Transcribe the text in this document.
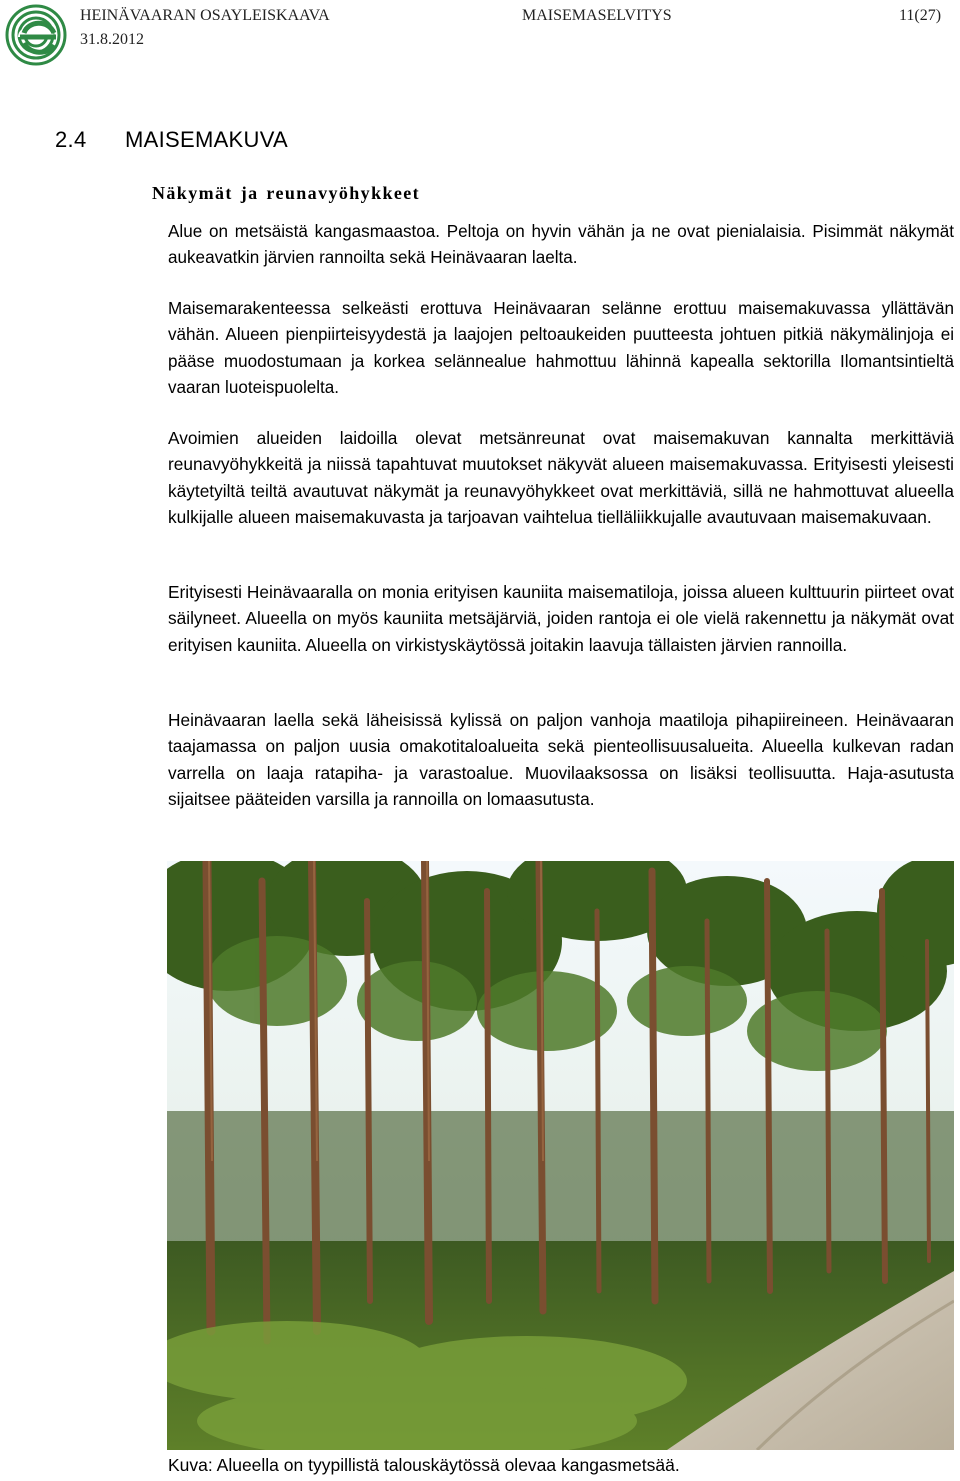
HEINÄVAARAN OSAYLEISKAAVA
31.8.2012
MAISEMASELVITYS	11(27)
2.4 MAISEMAKUVA
Näkymät ja reunavyöhykkeet

Alue on metsäistä kangasmaastoa. Peltoja on hyvin vähän ja ne ovat pienialaisia. Pisimmät näkymät aukeavatkin järvien rannoilta sekä Heinävaaran laelta.

Maisemarakenteessa selkeästi erottuva Heinävaaran selänne erottuu maisemakuvassa yllättävän vähän. Alueen pienpiirteisyydestä ja laajojen peltoaukeiden puutteesta johtuen pitkiä näkymälinjoja ei pääse muodostumaan ja korkea selännealue hahmottuu lähinnä kapealla sektorilla Ilomantsintieltä vaaran luoteispuolelta.

Avoimien alueiden laidoilla olevat metsänreunat ovat maisemakuvan kannalta merkittäviä reunavyöhykkeitä ja niissä tapahtuvat muutokset näkyvät alueen maisemakuvassa. Erityisesti yleisesti käytetyiltä teiltä avautuvat näkymät ja reunavyöhykkeet ovat merkittäviä, sillä ne hahmottuvat alueella kulkijalle alueen maisemakuvasta ja tarjoavan vaihtelua tielläliikkujalle avautuvaan maisemakuvaan.

Erityisesti Heinävaaralla on monia erityisen kauniita maisematiloja, joissa alueen kulttuurin piirteet ovat säilyneet. Alueella on myös kauniita metsäjärviä, joiden rantoja ei ole vielä rakennettu ja näkymät ovat erityisen kauniita. Alueella on virkistyskäytössä joitakin laavuja tällaisten järvien rannoilla.

Heinävaaran laella sekä läheisissä kylissä on paljon vanhoja maatiloja pihapiireineen. Heinävaaran taajamassa on paljon uusia omakotitaloalueita sekä pienteollisuusalueita. Alueella kulkevan radan varrella on laaja ratapiha- ja varastoalue. Muovilaaksossa on lisäksi teollisuutta. Haja-asutusta sijaitsee pääteiden varsilla ja rannoilla on lomaasutusta.

Kuva: Alueella on tyypillistä talouskäytössä olevaa kangasmetsää.
